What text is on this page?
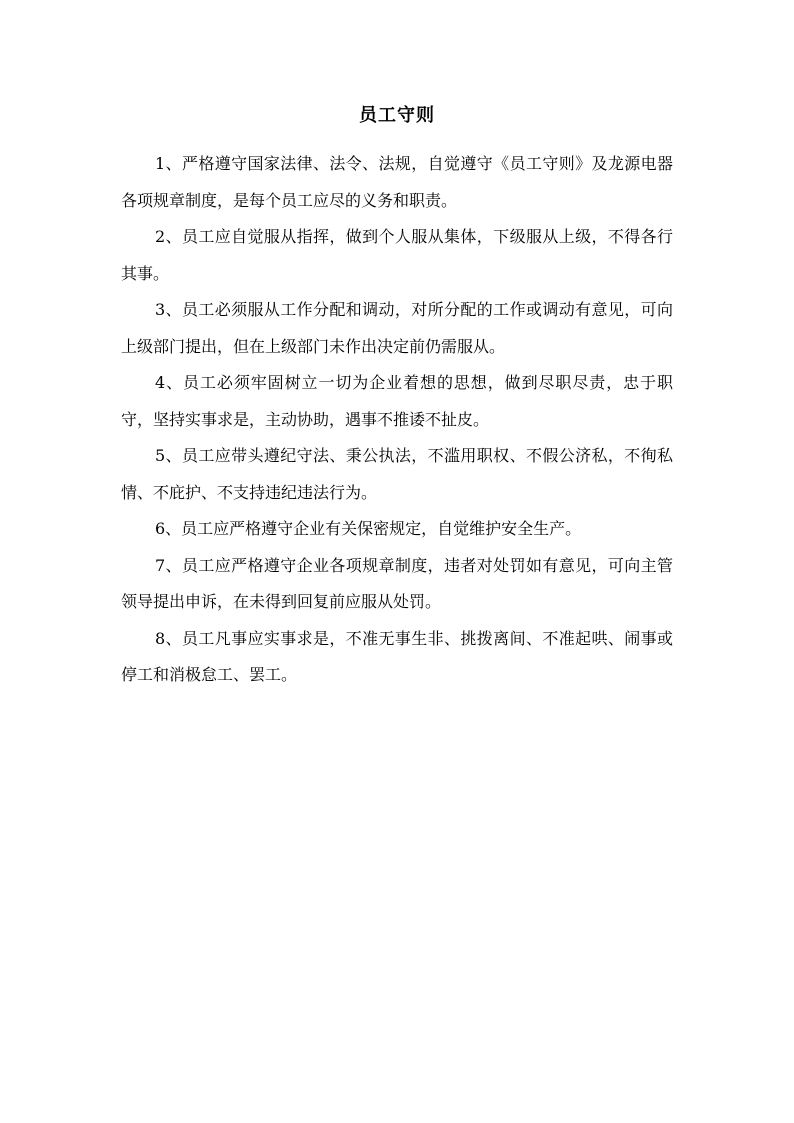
员工守则
1、严格遵守国家法律、法令、法规，自觉遵守《员工守则》及龙源电器各项规章制度，是每个员工应尽的义务和职责。
2、员工应自觉服从指挥，做到个人服从集体，下级服从上级，不得各行其事。
3、员工必须服从工作分配和调动，对所分配的工作或调动有意见，可向上级部门提出，但在上级部门未作出决定前仍需服从。
4、员工必须牢固树立一切为企业着想的思想，做到尽职尽责，忠于职守，坚持实事求是，主动协助，遇事不推诿不扯皮。
5、员工应带头遵纪守法、秉公执法，不滥用职权、不假公济私，不徇私情、不庇护、不支持违纪违法行为。
6、员工应严格遵守企业有关保密规定，自觉维护安全生产。
7、员工应严格遵守企业各项规章制度，违者对处罚如有意见，可向主管领导提出申诉，在未得到回复前应服从处罚。
8、员工凡事应实事求是，不准无事生非、挑拨离间、不准起哄、闹事或停工和消极怠工、罢工。
